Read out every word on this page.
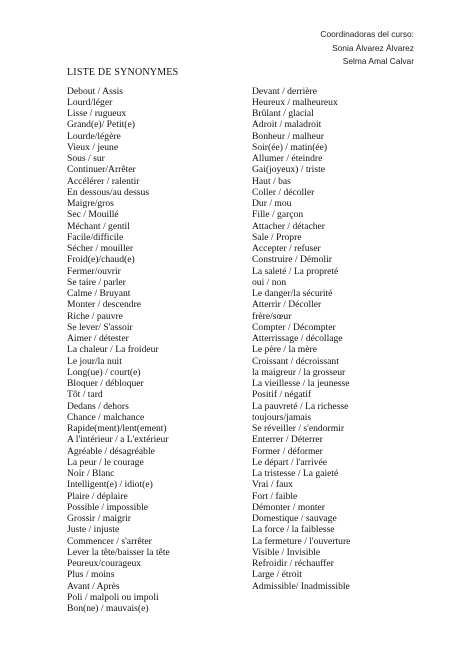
Coordinadoras del curso:
Sonia Álvarez Álvarez
Selma Amal Calvar
LISTE DE SYNONYMES
Debout / Assis
Lourd/léger
Lisse / rugueux
Grand(e)/ Petit(e)
Lourde/légère
Vieux / jeune
Sous / sur
Continuer/Arrêter
Accélérer / ralentir
En dessous/au dessus
Maigre/gros
Sec / Mouillé
Méchant / gentil
Facile/difficile
Sécher / mouiller
Froid(e)/chaud(e)
Fermer/ouvrir
Se taire / parler
Calme / Bruyant
Monter / descendre
Riche / pauvre
Se lever/ S'assoir
Aimer / détester
La chaleur / La froideur
Le jour/la nuit
Long(ue) / court(e)
Bloquer / débloquer
Tôt / tard
Dedans / dehors
Chance / malchance
Rapide(ment)/lent(ement)
A l'intérieur / a L'extérieur
Agréable / désagréable
La peur / le courage
Noir / Blanc
Intelligent(e) / idiot(e)
Plaire / déplaire
Possible / impossible
Grossir / maigrir
Juste / injuste
Commencer / s'arrêter
Lever la tête/baisser la tête
Peureux/courageux
Plus / moins
Avant / Après
Poli / malpoli ou impoli
Bon(ne) / mauvais(e)
Devant / derrière
Heureux / malheureux
Brûlant / glacial
Adroit / maladroit
Bonheur / malheur
Soir(ée) / matin(ée)
Allumer / éteindre
Gai(joyeux) / triste
Haut / bas
Coller / décoller
Dur / mou
Fille / garçon
Attacher / détacher
Sale / Propre
Accepter / refuser
Construire / Démolir
La saleté / La propreté
oui / non
Le danger/la sécurité
Atterrir / Décoller
frère/sœur
Compter / Décompter
Atterrissage / décollage
Le père / la mère
Croissant / décroissant
la maigreur / la grosseur
La vieillesse / la jeunesse
Positif / négatif
La pauvreté / La richesse
toujours/jamais
Se réveiller / s'endormir
Enterrer / Déterrer
Former / déformer
Le départ / l'arrivée
La tristesse / La gaieté
Vrai / faux
Fort / faible
Démonter / monter
Domestique / sauvage
La force / la faiblesse
La fermeture / l'ouverture
Visible / Invisible
Refroidir / réchauffer
Large / étroit
Admissible/ Inadmissible
